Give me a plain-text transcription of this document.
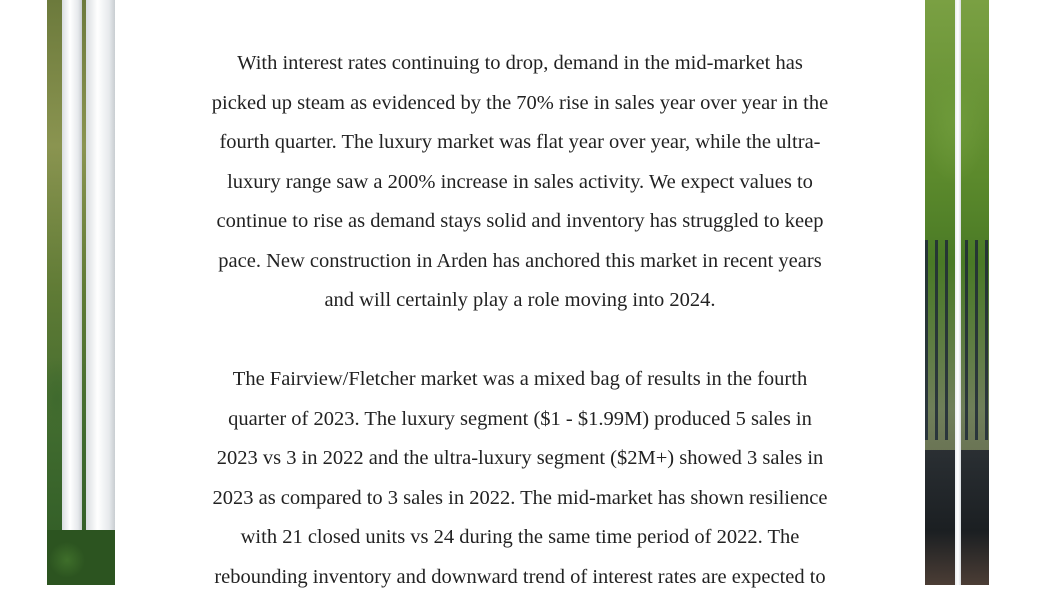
With interest rates continuing to drop, demand in the mid-market has
picked up steam as evidenced by the 70% rise in sales year over year in the
fourth quarter. The luxury market was flat year over year, while the ultra-
luxury range saw a 200% increase in sales activity. We expect values to
continue to rise as demand stays solid and inventory has struggled to keep
pace. New construction in Arden has anchored this market in recent years
and will certainly play a role moving into 2024.
The Fairview/Fletcher market was a mixed bag of results in the fourth
quarter of 2023. The luxury segment ($1 - $1.99M) produced 5 sales in
2023 vs 3 in 2022 and the ultra-luxury segment ($2M+) showed 3 sales in
2023 as compared to 3 sales in 2022. The mid-market has shown resilience
with 21 closed units vs 24 during the same time period of 2022. The
rebounding inventory and downward trend of interest rates are expected to
